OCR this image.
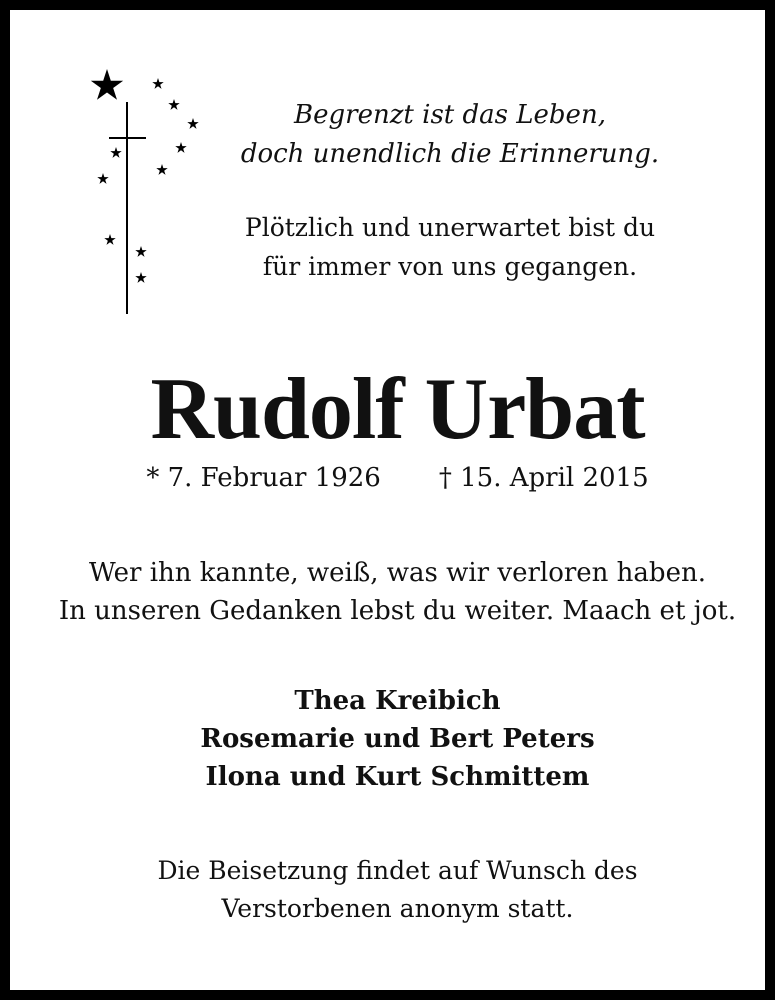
Begrenzt ist das Leben,
doch unendlich die Erinnerung.

Plötzlich und unerwartet bist du
für immer von uns gegangen.

Rudolf Urbat

* 7. Februar 1926 † 15. April 2015

Wer ihn kannte, weiß, was wir verloren haben.
In unseren Gedanken lebst du weiter. Maach et jot.

Thea Kreibich
Rosemarie und Bert Peters
Ilona und Kurt Schmittem

Die Beisetzung findet auf Wunsch des
Verstorbenen anonym statt.
